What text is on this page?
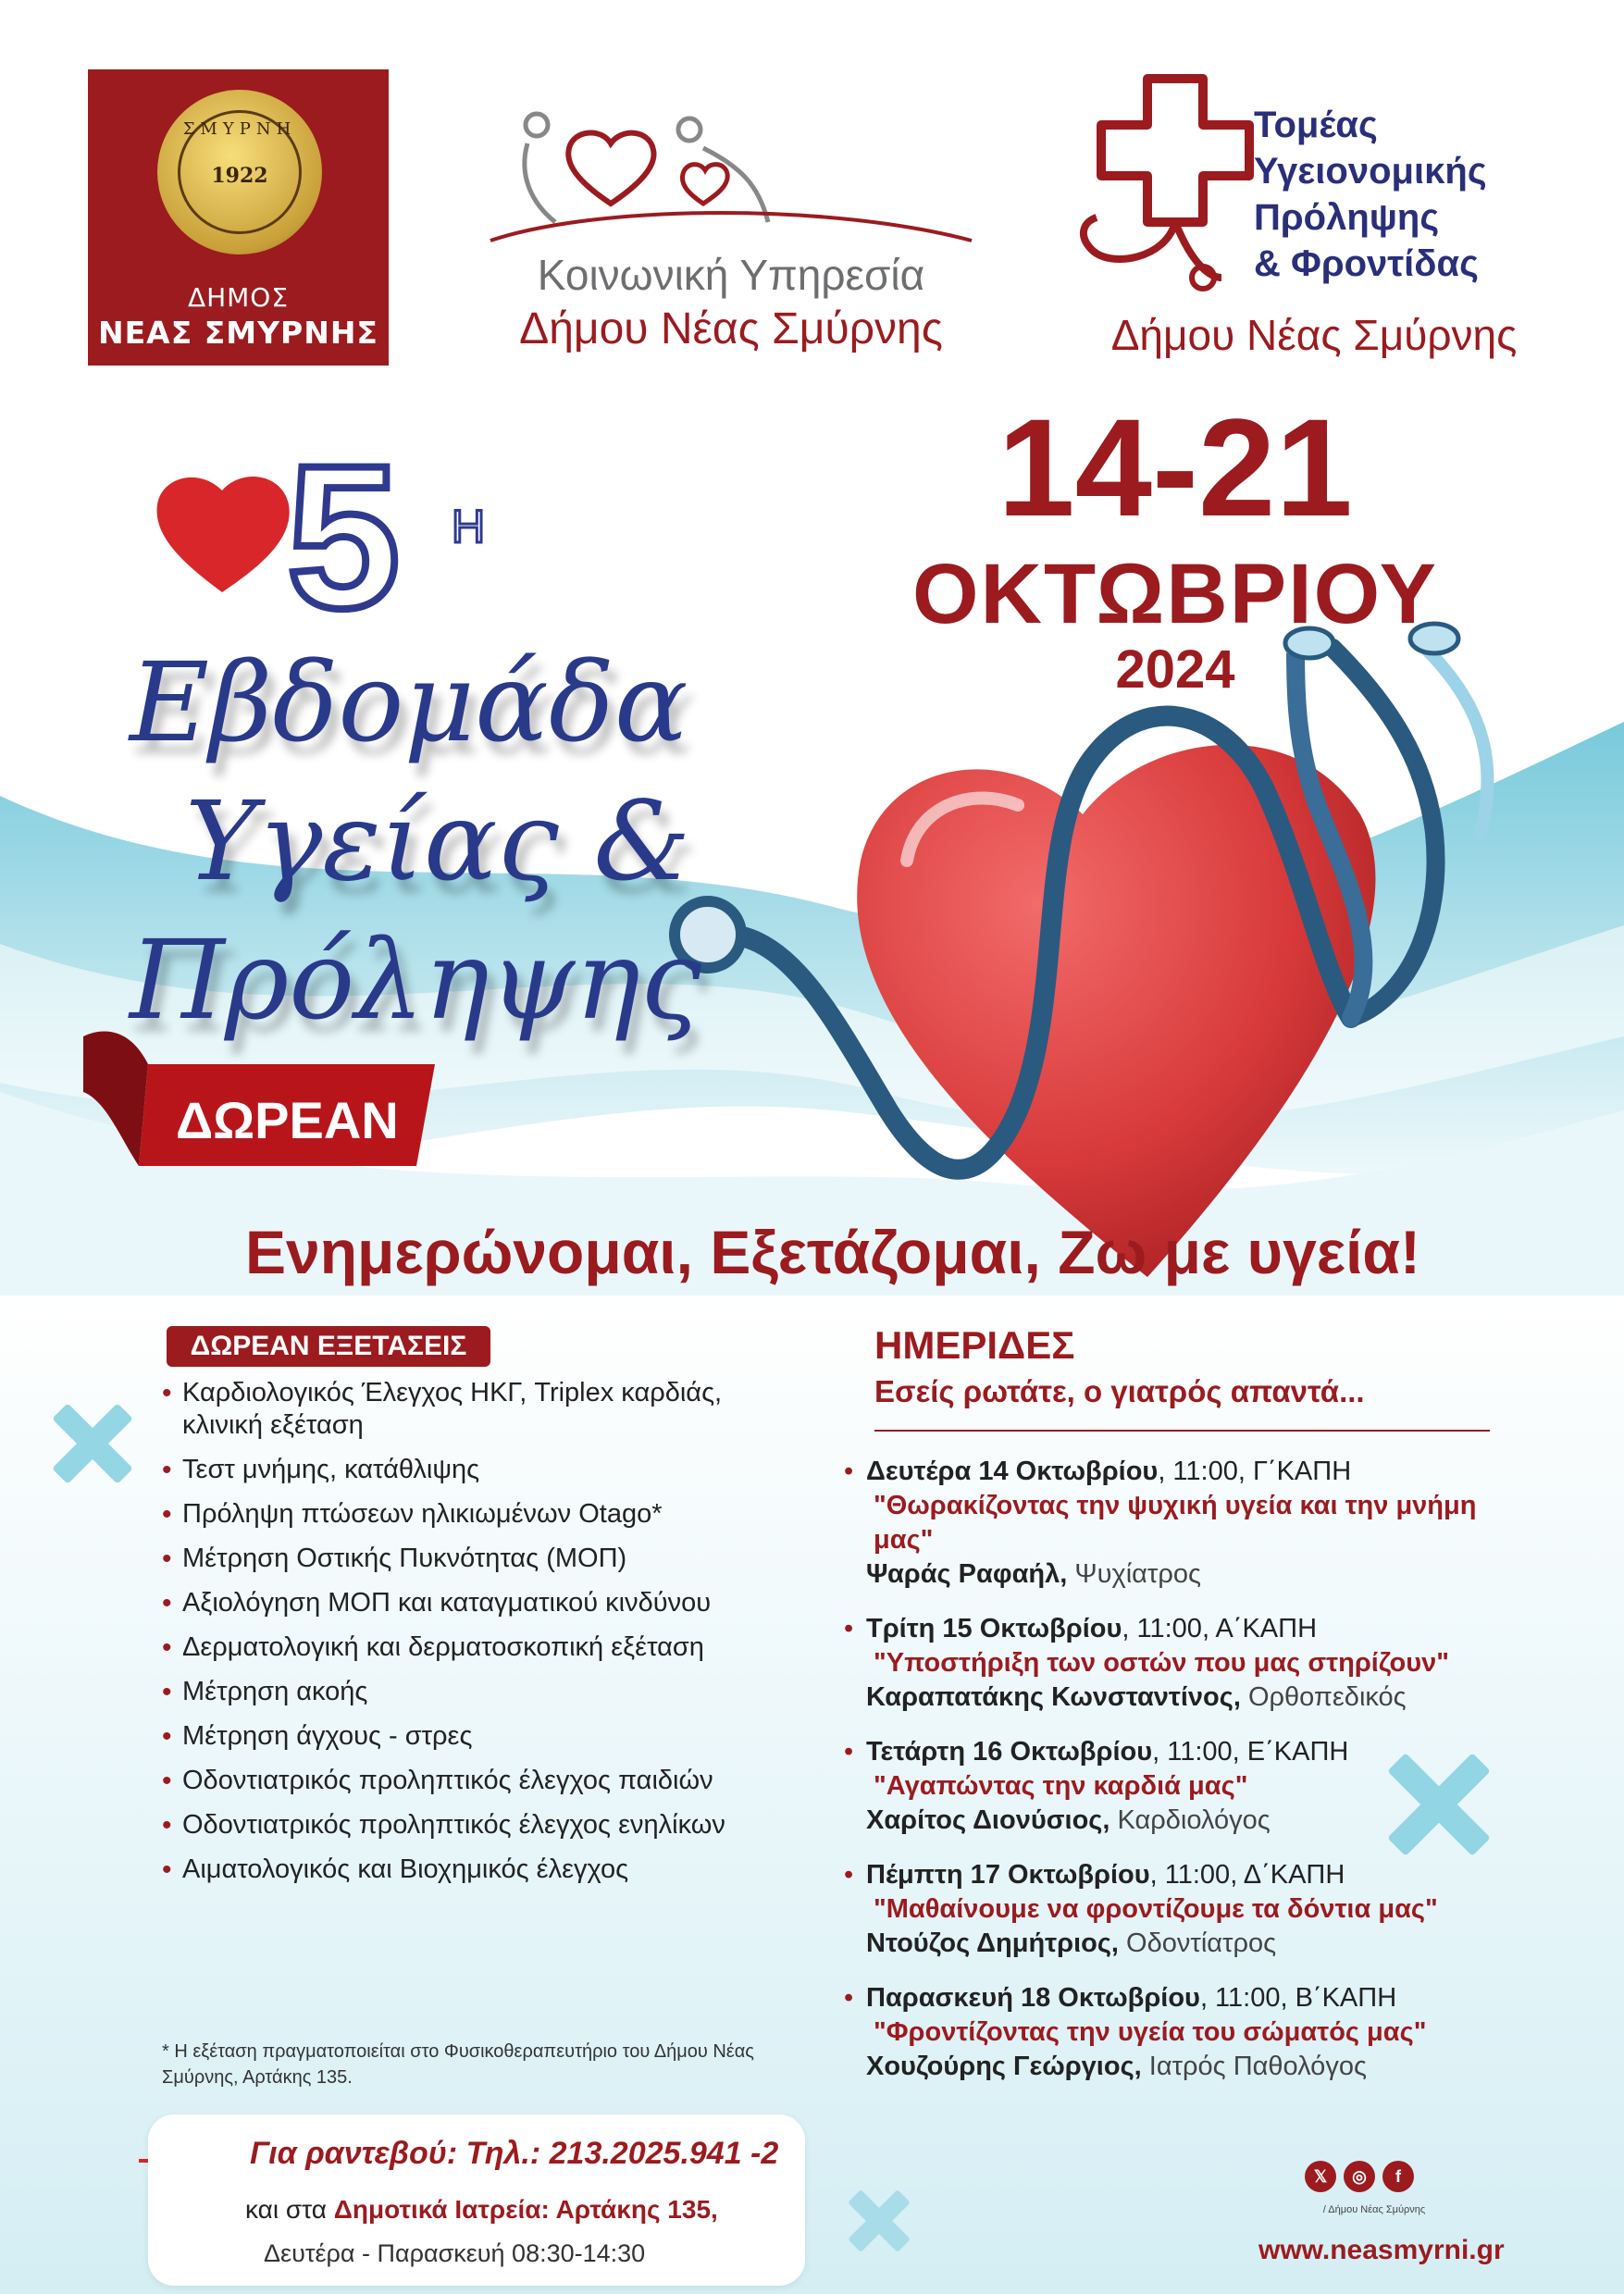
ΣΜΥΡΝΗ
1922
ΔΗΜΟΣ
ΝΕΑΣ ΣΜΥΡΝΗΣ
Κοινωνική Υπηρεσία
Δήμου Νέας Σμύρνης
Τομέας
Υγειονομικής
Πρόληψης
& Φροντίδας
Δήμου Νέας Σμύρνης
5 Η
Εβδομάδα
Υγείας &
Πρόληψης
14-21
ΟΚΤΩΒΡΙΟΥ
2024
ΔΩΡΕΑΝ
Ενημερώνομαι, Εξετάζομαι, Ζω με υγεία!
ΔΩΡΕΑΝ ΕΞΕΤΑΣΕΙΣ
• Καρδιολογικός Έλεγχος ΗΚΓ, Triplex καρδιάς, κλινική εξέταση
• Τεστ μνήμης, κατάθλιψης
• Πρόληψη πτώσεων ηλικιωμένων Otago*
• Μέτρηση Οστικής Πυκνότητας (ΜΟΠ)
• Αξιολόγηση ΜΟΠ και καταγματικού κινδύνου
• Δερματολογική και δερματοσκοπική εξέταση
• Μέτρηση ακοής
• Μέτρηση άγχους - στρες
• Οδοντιατρικός προληπτικός έλεγχος παιδιών
• Οδοντιατρικός προληπτικός έλεγχος ενηλίκων
• Αιματολογικός και Βιοχημικός έλεγχος
* Η εξέταση πραγματοποιείται στο Φυσικοθεραπευτήριο του Δήμου Νέας Σμύρνης, Αρτάκης 135.
ΗΜΕΡΙΔΕΣ
Εσείς ρωτάτε, ο γιατρός απαντά...
• Δευτέρα 14 Οκτωβρίου, 11:00, Γ΄ΚΑΠΗ
"Θωρακίζοντας την ψυχική υγεία και την μνήμη μας"
Ψαράς Ραφαήλ, Ψυχίατρος
• Τρίτη 15 Οκτωβρίου, 11:00, Α΄ΚΑΠΗ
"Υποστήριξη των οστών που μας στηρίζουν"
Καραπατάκης Κωνσταντίνος, Ορθοπεδικός
• Τετάρτη 16 Οκτωβρίου, 11:00, Ε΄ΚΑΠΗ
"Αγαπώντας την καρδιά μας"
Χαρίτος Διονύσιος, Καρδιολόγος
• Πέμπτη 17 Οκτωβρίου, 11:00, Δ΄ΚΑΠΗ
"Μαθαίνουμε να φροντίζουμε τα δόντια μας"
Ντούζος Δημήτριος, Οδοντίατρος
• Παρασκευή 18 Οκτωβρίου, 11:00, Β΄ΚΑΠΗ
"Φροντίζοντας την υγεία του σώματός μας"
Χουζούρης Γεώργιος, Ιατρός Παθολόγος
Για ραντεβού: Τηλ.: 213.2025.941 -2
και στα Δημοτικά Ιατρεία: Αρτάκης 135,
Δευτέρα - Παρασκευή 08:30-14:30
𝕏 ◎ f
/ Δήμου Νέας Σμύρνης
www.neasmyrni.gr
